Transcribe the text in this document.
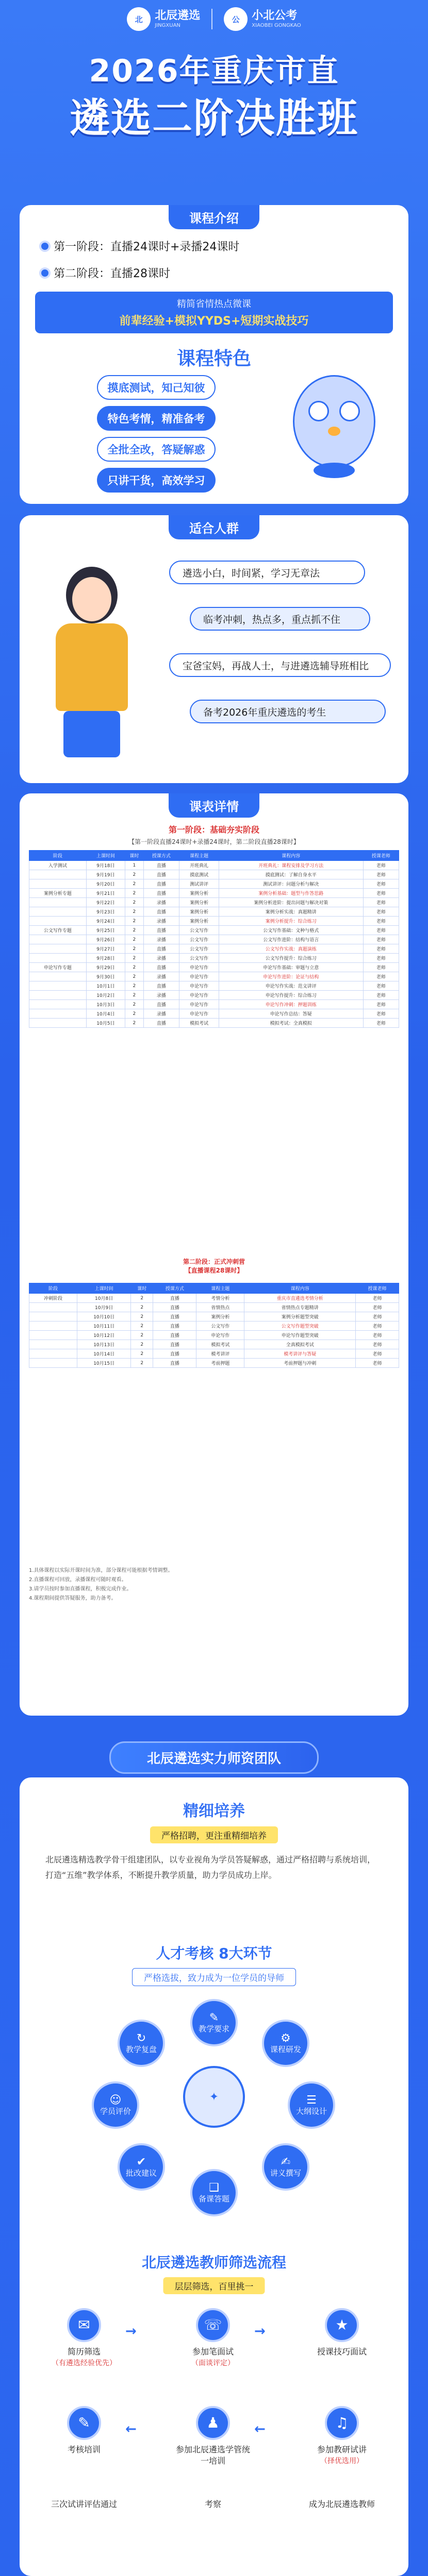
北	北辰遴选
JINGXUAN
公	小北公考
XIAOBEI GONGKAO
2026年重庆市直
遴选二阶决胜班
课程介绍
第一阶段：直播24课时+录播24课时
第二阶段：直播28课时
精简省情热点微课
前辈经验+模拟YYDS+短期实战技巧
课程特色
摸底测试，知己知彼
特色考情，精准备考
全批全改，答疑解惑
只讲干货，高效学习
适合人群
遴选小白，时间紧，学习无章法
临考冲刺，热点多，重点抓不住
宝爸宝妈，再战人士，与进遴选辅导班相比
备考2026年重庆遴选的考生
课表详情
第一阶段：基础夯实阶段
【第一阶段直播24课时+录播24课时，第二阶段直播28课时】
阶段	上课时间	课时	授课方式	课程主题	课程内容	授课老师
入学测试	9月18日	1	直播	开班典礼	开班典礼：课程安排及学习方法	老师
	9月19日	2	直播	摸底测试	摸底测试：了解自身水平	老师
	9月20日	2	直播	测试讲评	测试讲评：问题分析与解决	老师
案例分析专题	9月21日	2	直播	案例分析	案例分析基础：题型与作答思路	老师
	9月22日	2	录播	案例分析	案例分析进阶：提出问题与解决对策	老师
	9月23日	2	直播	案例分析	案例分析实战：真题精讲	老师
	9月24日	2	录播	案例分析	案例分析提升：综合练习	老师
公文写作专题	9月25日	2	直播	公文写作	公文写作基础：文种与格式	老师
	9月26日	2	录播	公文写作	公文写作进阶：结构与语言	老师
	9月27日	2	直播	公文写作	公文写作实战：真题演练	老师
	9月28日	2	录播	公文写作	公文写作提升：综合练习	老师
申论写作专题	9月29日	2	直播	申论写作	申论写作基础：审题与立意	老师
	9月30日	2	录播	申论写作	申论写作进阶：论证与结构	老师
	10月1日	2	直播	申论写作	申论写作实战：范文讲评	老师
	10月2日	2	录播	申论写作	申论写作提升：综合练习	老师
	10月3日	2	直播	申论写作	申论写作冲刺：押题训练	老师
	10月4日	2	录播	申论写作	申论写作总结：答疑	老师
	10月5日	2	直播	模拟考试	模拟考试：全真模拟	老师
第二阶段：正式冲刺营
【直播课程28课时】
阶段	上课时间	课时	授课方式	课程主题	课程内容	授课老师
冲刺阶段	10月8日	2	直播	考情分析	重庆市直遴选考情分析	老师
	10月9日	2	直播	省情热点	省情热点专题精讲	老师
	10月10日	2	直播	案例分析	案例分析题型突破	老师
	10月11日	2	直播	公文写作	公文写作题型突破	老师
	10月12日	2	直播	申论写作	申论写作题型突破	老师
	10月13日	2	直播	模拟考试	全真模拟考试	老师
	10月14日	2	直播	模考讲评	模考讲评与答疑	老师
	10月15日	2	直播	考前押题	考前押题与冲刺	老师
1.具体课程以实际开课时间为准，部分课程可能根据考情调整。
2.直播课程可回放，录播课程可随时观看。
3.请学员按时参加直播课程，积极完成作业。
4.课程期间提供答疑服务，助力备考。
北辰遴选实力师资团队
精细培养
严格招聘，更注重精细培养
北辰遴选精选教学骨干组建团队，以专业视角为学员答疑解惑，通过严格招聘与系统培训，打造“五维”教学体系，不断提升教学质量，助力学员成功上岸。
人才考核 8大环节
严格选拔，致力成为一位学员的导师
✦
✎
教学要求
⚙
课程研发
☰
大纲设计
✍
讲义撰写
❑
备课答题
✔
批改建议
☺
学员评价
↻
教学复盘
北辰遴选教师筛选流程
层层筛选，百里挑一
✉
简历筛选
（有遴选经验优先）
→	☏
参加笔面试
（面谈评定）
→	★
授课技巧面试
✎
考核培训
←	♟
参加北辰遴选学管统一培训
←	♫
参加教研试讲
（择优选用）
三次试讲评估通过	考察	成为北辰遴选教师
